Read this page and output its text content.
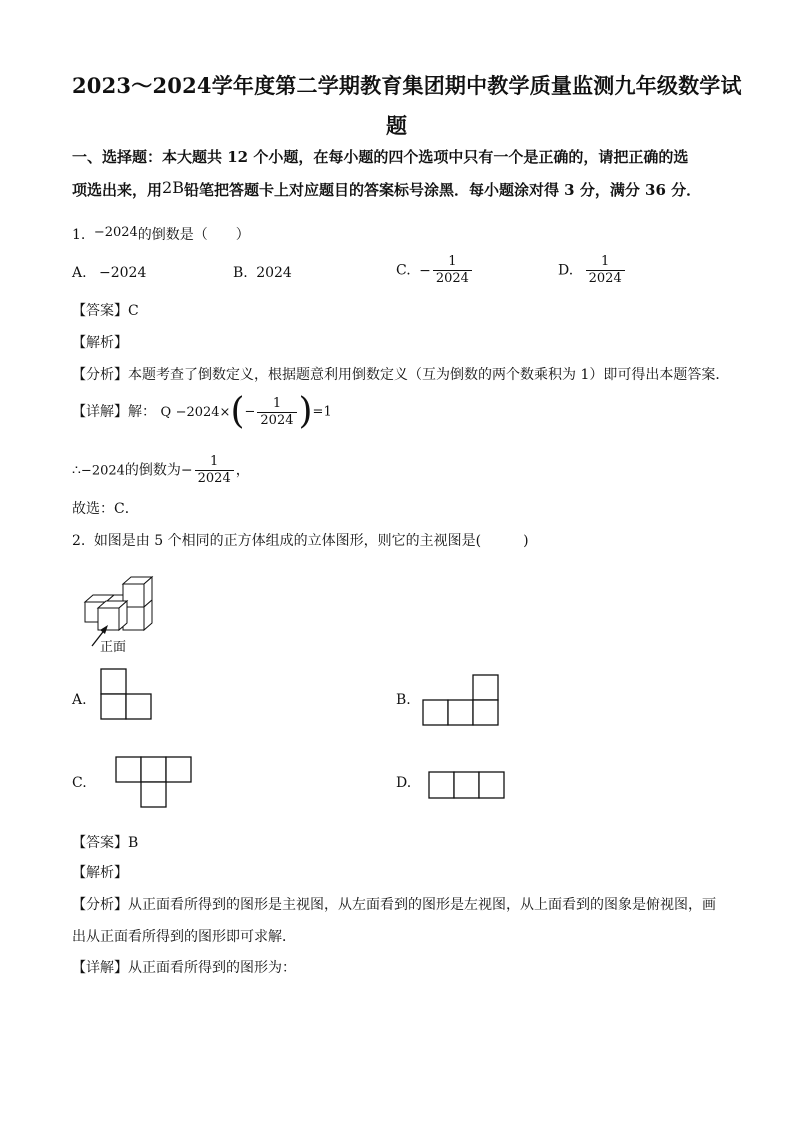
2023～2024学年度第二学期教育集团期中教学质量监测九年级数学试
题
一、选择题：本大题共 12 个小题，在每小题的四个选项中只有一个是正确的，请把正确的选
项选出来，用2B铅笔把答题卡上对应题目的答案标号涂黑．每小题涂对得 3 分，满分 36 分．
1. −2024的倒数是（　　）
A. −2024	B. 2024	C. − $\frac{1}{2024}$	D. $\frac{1}{2024}$
【答案】C
【解析】
【分析】本题考查了倒数定义，根据题意利用倒数定义（互为倒数的两个数乘积为 1）即可得出本题答案．
【详解】解： $Q -2024\times(- \frac{1}{2024} )=1$
∴−2024的倒数为− $\frac{1}{2024}$ ，
故选：C．
2. 如图是由 5 个相同的正方体组成的立体图形，则它的主视图是(　　　)
正面
A.	B.
C.	D.
【答案】B
【解析】
【分析】从正面看所得到的图形是主视图，从左面看到的图形是左视图，从上面看到的图象是俯视图，画
出从正面看所得到的图形即可求解．
【详解】从正面看所得到的图形为：
